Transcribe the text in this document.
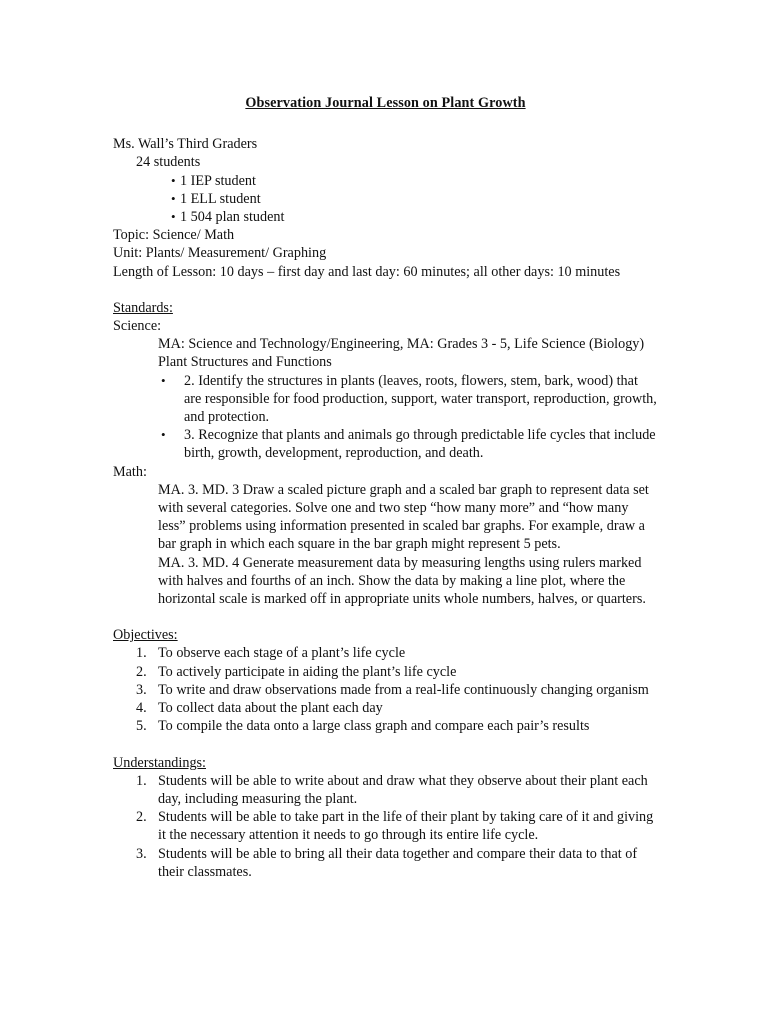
Observation Journal Lesson on Plant Growth
Ms. Wall’s Third Graders
24 students
• 1 IEP student
• 1 ELL student
• 1 504 plan student
Topic: Science/ Math
Unit: Plants/ Measurement/ Graphing
Length of Lesson: 10 days – first day and last day: 60 minutes; all other days: 10 minutes
Standards:
Science:
MA: Science and Technology/Engineering, MA: Grades 3 - 5, Life Science (Biology) Plant Structures and Functions
• 2. Identify the structures in plants (leaves, roots, flowers, stem, bark, wood) that are responsible for food production, support, water transport, reproduction, growth, and protection.
• 3. Recognize that plants and animals go through predictable life cycles that include birth, growth, development, reproduction, and death.
Math:
MA. 3. MD. 3 Draw a scaled picture graph and a scaled bar graph to represent data set with several categories. Solve one and two step “how many more” and “how many less” problems using information presented in scaled bar graphs. For example, draw a bar graph in which each square in the bar graph might represent 5 pets.
MA. 3. MD. 4 Generate measurement data by measuring lengths using rulers marked with halves and fourths of an inch. Show the data by making a line plot, where the horizontal scale is marked off in appropriate units whole numbers, halves, or quarters.
Objectives:
1. To observe each stage of a plant’s life cycle
2. To actively participate in aiding the plant’s life cycle
3. To write and draw observations made from a real-life continuously changing organism
4. To collect data about the plant each day
5. To compile the data onto a large class graph and compare each pair’s results
Understandings:
1. Students will be able to write about and draw what they observe about their plant each day, including measuring the plant.
2. Students will be able to take part in the life of their plant by taking care of it and giving it the necessary attention it needs to go through its entire life cycle.
3. Students will be able to bring all their data together and compare their data to that of their classmates.
